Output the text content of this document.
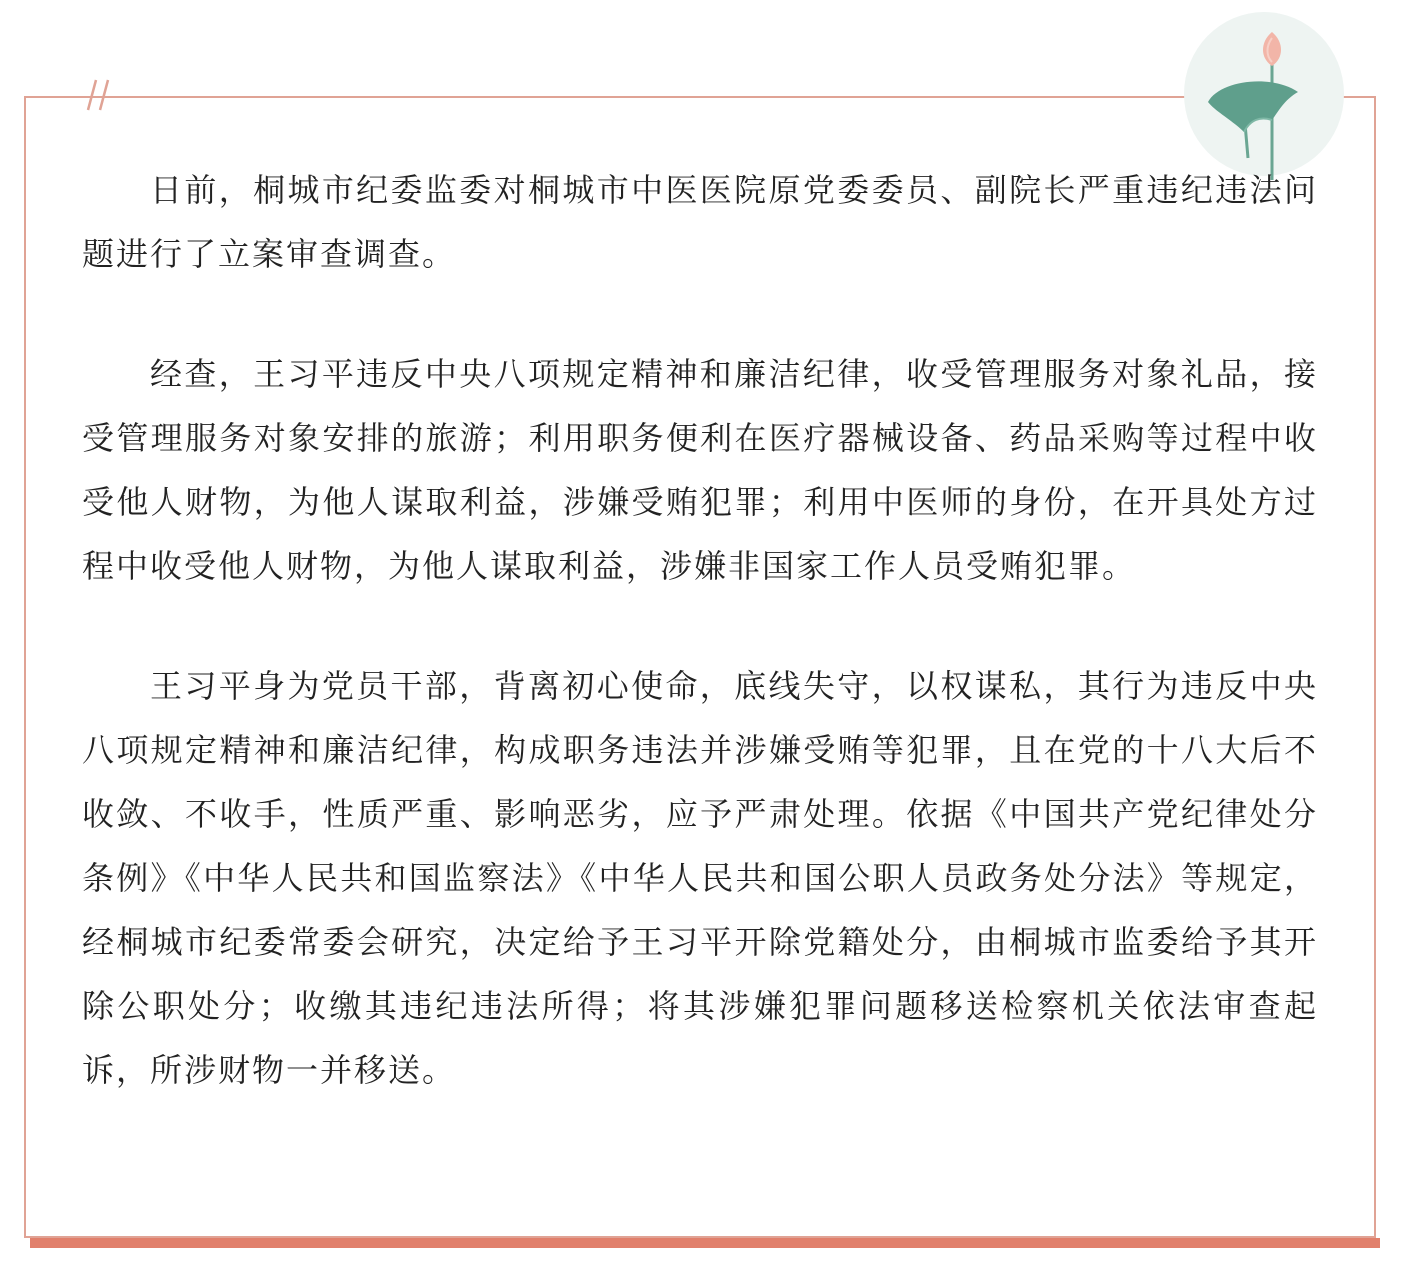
日前，桐城市纪委监委对桐城市中医医院原党委委员、副院长严重违纪违法问题进行了立案审查调查。

经查，王习平违反中央八项规定精神和廉洁纪律，收受管理服务对象礼品，接受管理服务对象安排的旅游；利用职务便利在医疗器械设备、药品采购等过程中收受他人财物，为他人谋取利益，涉嫌受贿犯罪；利用中医师的身份，在开具处方过程中收受他人财物，为他人谋取利益，涉嫌非国家工作人员受贿犯罪。

王习平身为党员干部，背离初心使命，底线失守，以权谋私，其行为违反中央八项规定精神和廉洁纪律，构成职务违法并涉嫌受贿等犯罪，且在党的十八大后不收敛、不收手，性质严重、影响恶劣，应予严肃处理。依据《中国共产党纪律处分条例》《中华人民共和国监察法》《中华人民共和国公职人员政务处分法》等规定，经桐城市纪委常委会研究，决定给予王习平开除党籍处分，由桐城市监委给予其开除公职处分；收缴其违纪违法所得；将其涉嫌犯罪问题移送检察机关依法审查起诉，所涉财物一并移送。
